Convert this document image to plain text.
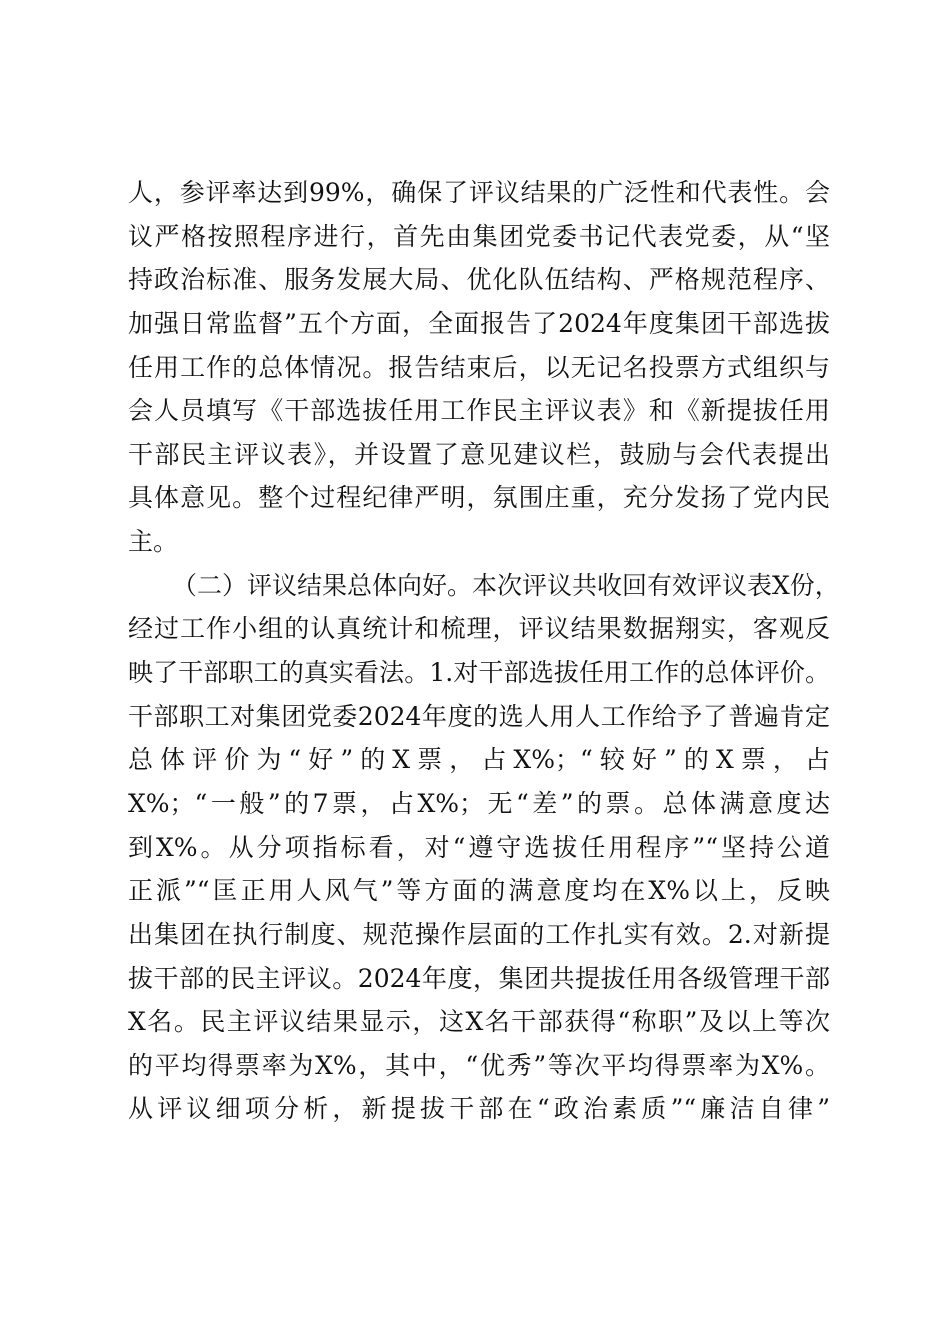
人，参评率达到99%，确保了评议结果的广泛性和代表性。会
议严格按照程序进行，首先由集团党委书记代表党委，从“坚
持政治标准、服务发展大局、优化队伍结构、严格规范程序、
加强日常监督”五个方面，全面报告了2024年度集团干部选拔
任用工作的总体情况。报告结束后，以无记名投票方式组织与
会人员填写《干部选拔任用工作民主评议表》和《新提拔任用
干部民主评议表》，并设置了意见建议栏，鼓励与会代表提出
具体意见。整个过程纪律严明，氛围庄重，充分发扬了党内民
主。
（二）评议结果总体向好。本次评议共收回有效评议表X份，
经过工作小组的认真统计和梳理，评议结果数据翔实，客观反
映了干部职工的真实看法。1.对干部选拔任用工作的总体评价。
干部职工对集团党委2024年度的选人用人工作给予了普遍肯定
总体评价为“好”的X票，占X%；“较好”的X票，占
X%；“一般”的7票，占X%；无“差”的票。总体满意度达
到X%。从分项指标看，对“遵守选拔任用程序”“坚持公道
正派”“匡正用人风气”等方面的满意度均在X%以上，反映
出集团在执行制度、规范操作层面的工作扎实有效。2.对新提
拔干部的民主评议。2024年度，集团共提拔任用各级管理干部
X名。民主评议结果显示，这X名干部获得“称职”及以上等次
的平均得票率为X%，其中，“优秀”等次平均得票率为X%。
从评议细项分析，新提拔干部在“政治素质”“廉洁自律”
